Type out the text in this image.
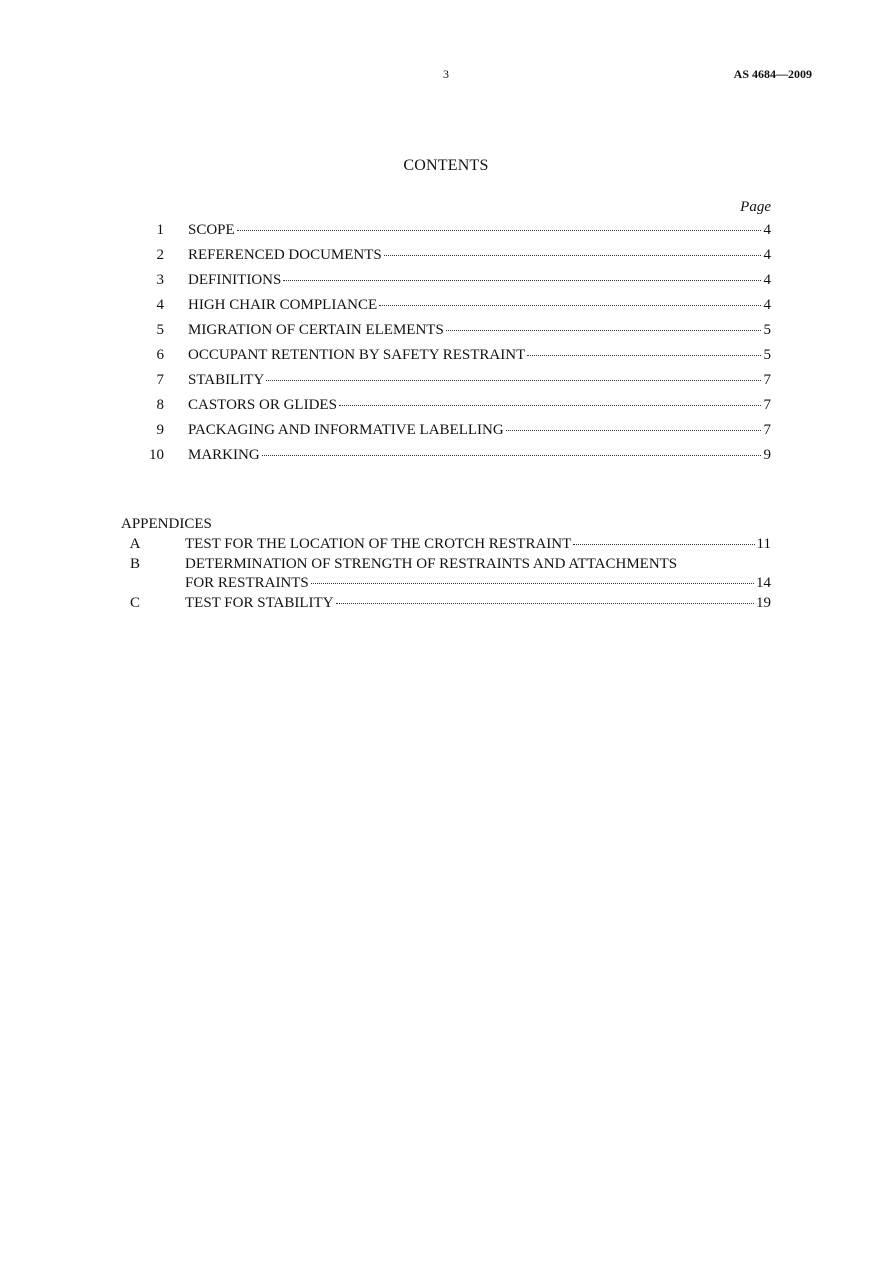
3	AS 4684—2009
CONTENTS
Page
1 SCOPE	4
2 REFERENCED DOCUMENTS	4
3 DEFINITIONS	4
4 HIGH CHAIR COMPLIANCE	4
5 MIGRATION OF CERTAIN ELEMENTS	5
6 OCCUPANT RETENTION BY SAFETY RESTRAINT	5
7 STABILITY	7
8 CASTORS OR GLIDES	7
9 PACKAGING AND INFORMATIVE LABELLING	7
10 MARKING	9
APPENDICES
A	TEST FOR THE LOCATION OF THE CROTCH RESTRAINT	11
B	DETERMINATION OF STRENGTH OF RESTRAINTS AND ATTACHMENTS
FOR RESTRAINTS	14
C	TEST FOR STABILITY	19
